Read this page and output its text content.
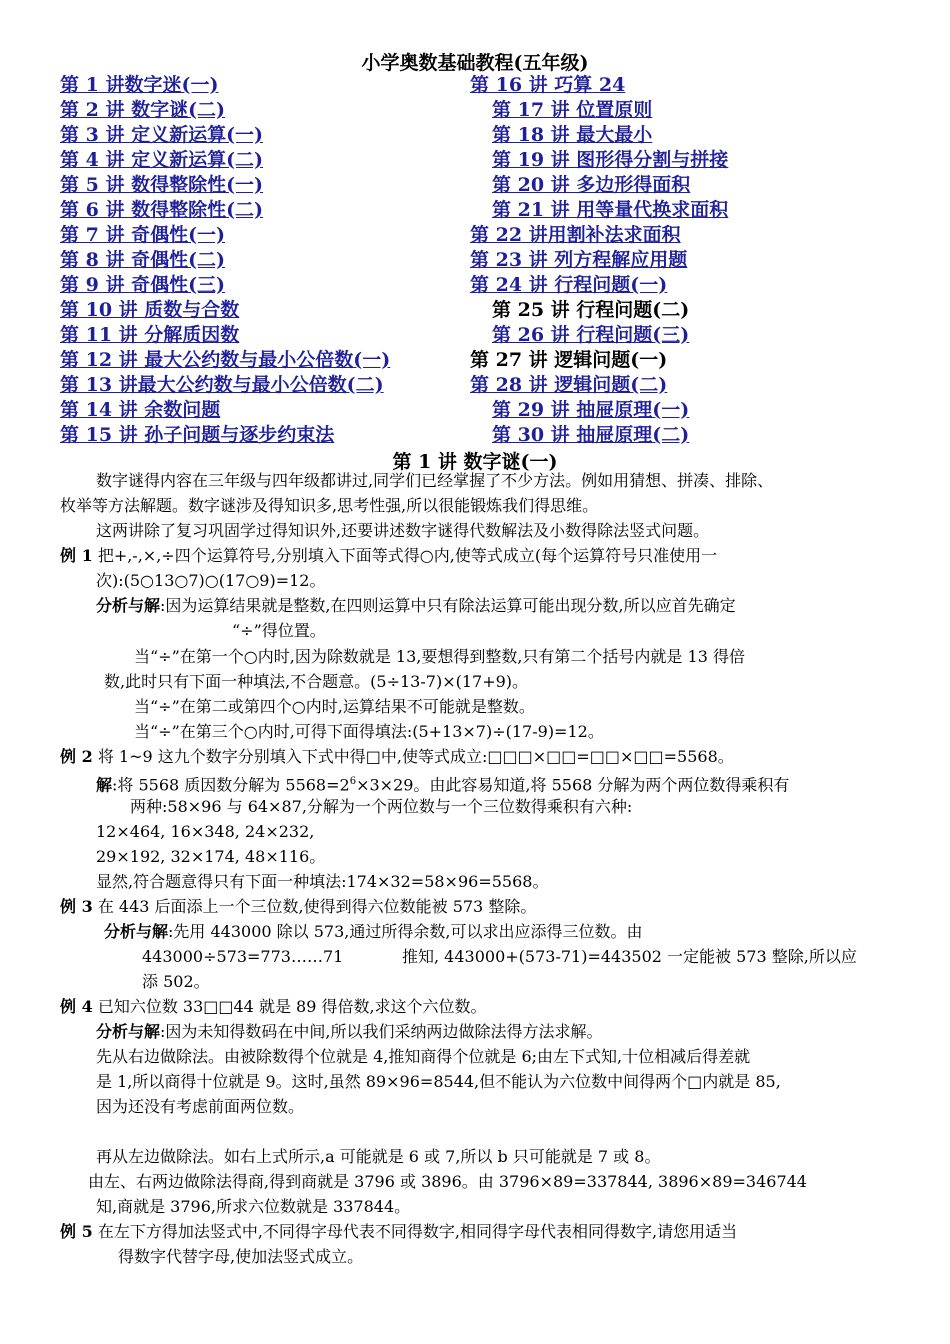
小学奥数基础教程(五年级)
第 1 讲数字迷(一)
第 2 讲 数字谜(二)
第 3 讲 定义新运算(一)
第 4 讲 定义新运算(二)
第 5 讲 数得整除性(一)
第 6 讲 数得整除性(二)
第 7 讲 奇偶性(一)
第 8 讲 奇偶性(二)
第 9 讲 奇偶性(三)
第 10 讲 质数与合数
第 11 讲 分解质因数
第 12 讲 最大公约数与最小公倍数(一)
第 13 讲最大公约数与最小公倍数(二)
第 14 讲 余数问题
第 15 讲 孙子问题与逐步约束法
第 16 讲 巧算 24
第 17 讲 位置原则
第 18 讲 最大最小
第 19 讲 图形得分割与拼接
第 20 讲 多边形得面积
第 21 讲 用等量代换求面积
第 22 讲用割补法求面积
第 23 讲 列方程解应用题
第 24 讲 行程问题(一)
第 25 讲 行程问题(二)
第 26 讲 行程问题(三)
第 27 讲 逻辑问题(一)
第 28 讲 逻辑问题(二)
第 29 讲 抽屉原理(一)
第 30 讲 抽屉原理(二)
第 1 讲 数字谜(一)

数字谜得内容在三年级与四年级都讲过,同学们已经掌握了不少方法。例如用猜想、拼凑、排除、

枚举等方法解题。数字谜涉及得知识多,思考性强,所以很能锻炼我们得思维。

这两讲除了复习巩固学过得知识外,还要讲述数字谜得代数解法及小数得除法竖式问题。

例 1 把+,-,×,÷四个运算符号,分别填入下面等式得○内,使等式成立(每个运算符号只准使用一

次):(5○13○7)○(17○9)=12。

分析与解:因为运算结果就是整数,在四则运算中只有除法运算可能出现分数,所以应首先确定

“÷”得位置。

当“÷”在第一个○内时,因为除数就是 13,要想得到整数,只有第二个括号内就是 13 得倍

数,此时只有下面一种填法,不合题意。(5÷13-7)×(17+9)。

当“÷”在第二或第四个○内时,运算结果不可能就是整数。

当“÷”在第三个○内时,可得下面得填法:(5+13×7)÷(17-9)=12。

例 2 将 1~9 这九个数字分别填入下式中得□中,使等式成立:□□□×□□=□□×□□=5568。

解:将 5568 质因数分解为 $5568=2^6\times 3\times 29$。由此容易知道,将 5568 分解为两个两位数得乘积有

两种:58×96 与 64×87,分解为一个两位数与一个三位数得乘积有六种:

12×464, 16×348, 24×232,

29×192, 32×174, 48×116。

显然,符合题意得只有下面一种填法:174×32=58×96=5568。

例 3 在 443 后面添上一个三位数,使得到得六位数能被 573 整除。

分析与解:先用 443000 除以 573,通过所得余数,可以求出应添得三位数。由

443000÷573=773……71	推知, 443000+(573-71)=443502 一定能被 573 整除,所以应

添 502。

例 4 已知六位数 33□□44 就是 89 得倍数,求这个六位数。

分析与解:因为未知得数码在中间,所以我们采纳两边做除法得方法求解。

先从右边做除法。由被除数得个位就是 4,推知商得个位就是 6;由左下式知,十位相减后得差就

是 1,所以商得十位就是 9。这时,虽然 89×96=8544,但不能认为六位数中间得两个□内就是 85,

因为还没有考虑前面两位数。

再从左边做除法。如右上式所示,a 可能就是 6 或 7,所以 b 只可能就是 7 或 8。

由左、右两边做除法得商,得到商就是 3796 或 3896。由 3796×89=337844, 3896×89=346744

知,商就是 3796,所求六位数就是 337844。

例 5 在左下方得加法竖式中,不同得字母代表不同得数字,相同得字母代表相同得数字,请您用适当

得数字代替字母,使加法竖式成立。
